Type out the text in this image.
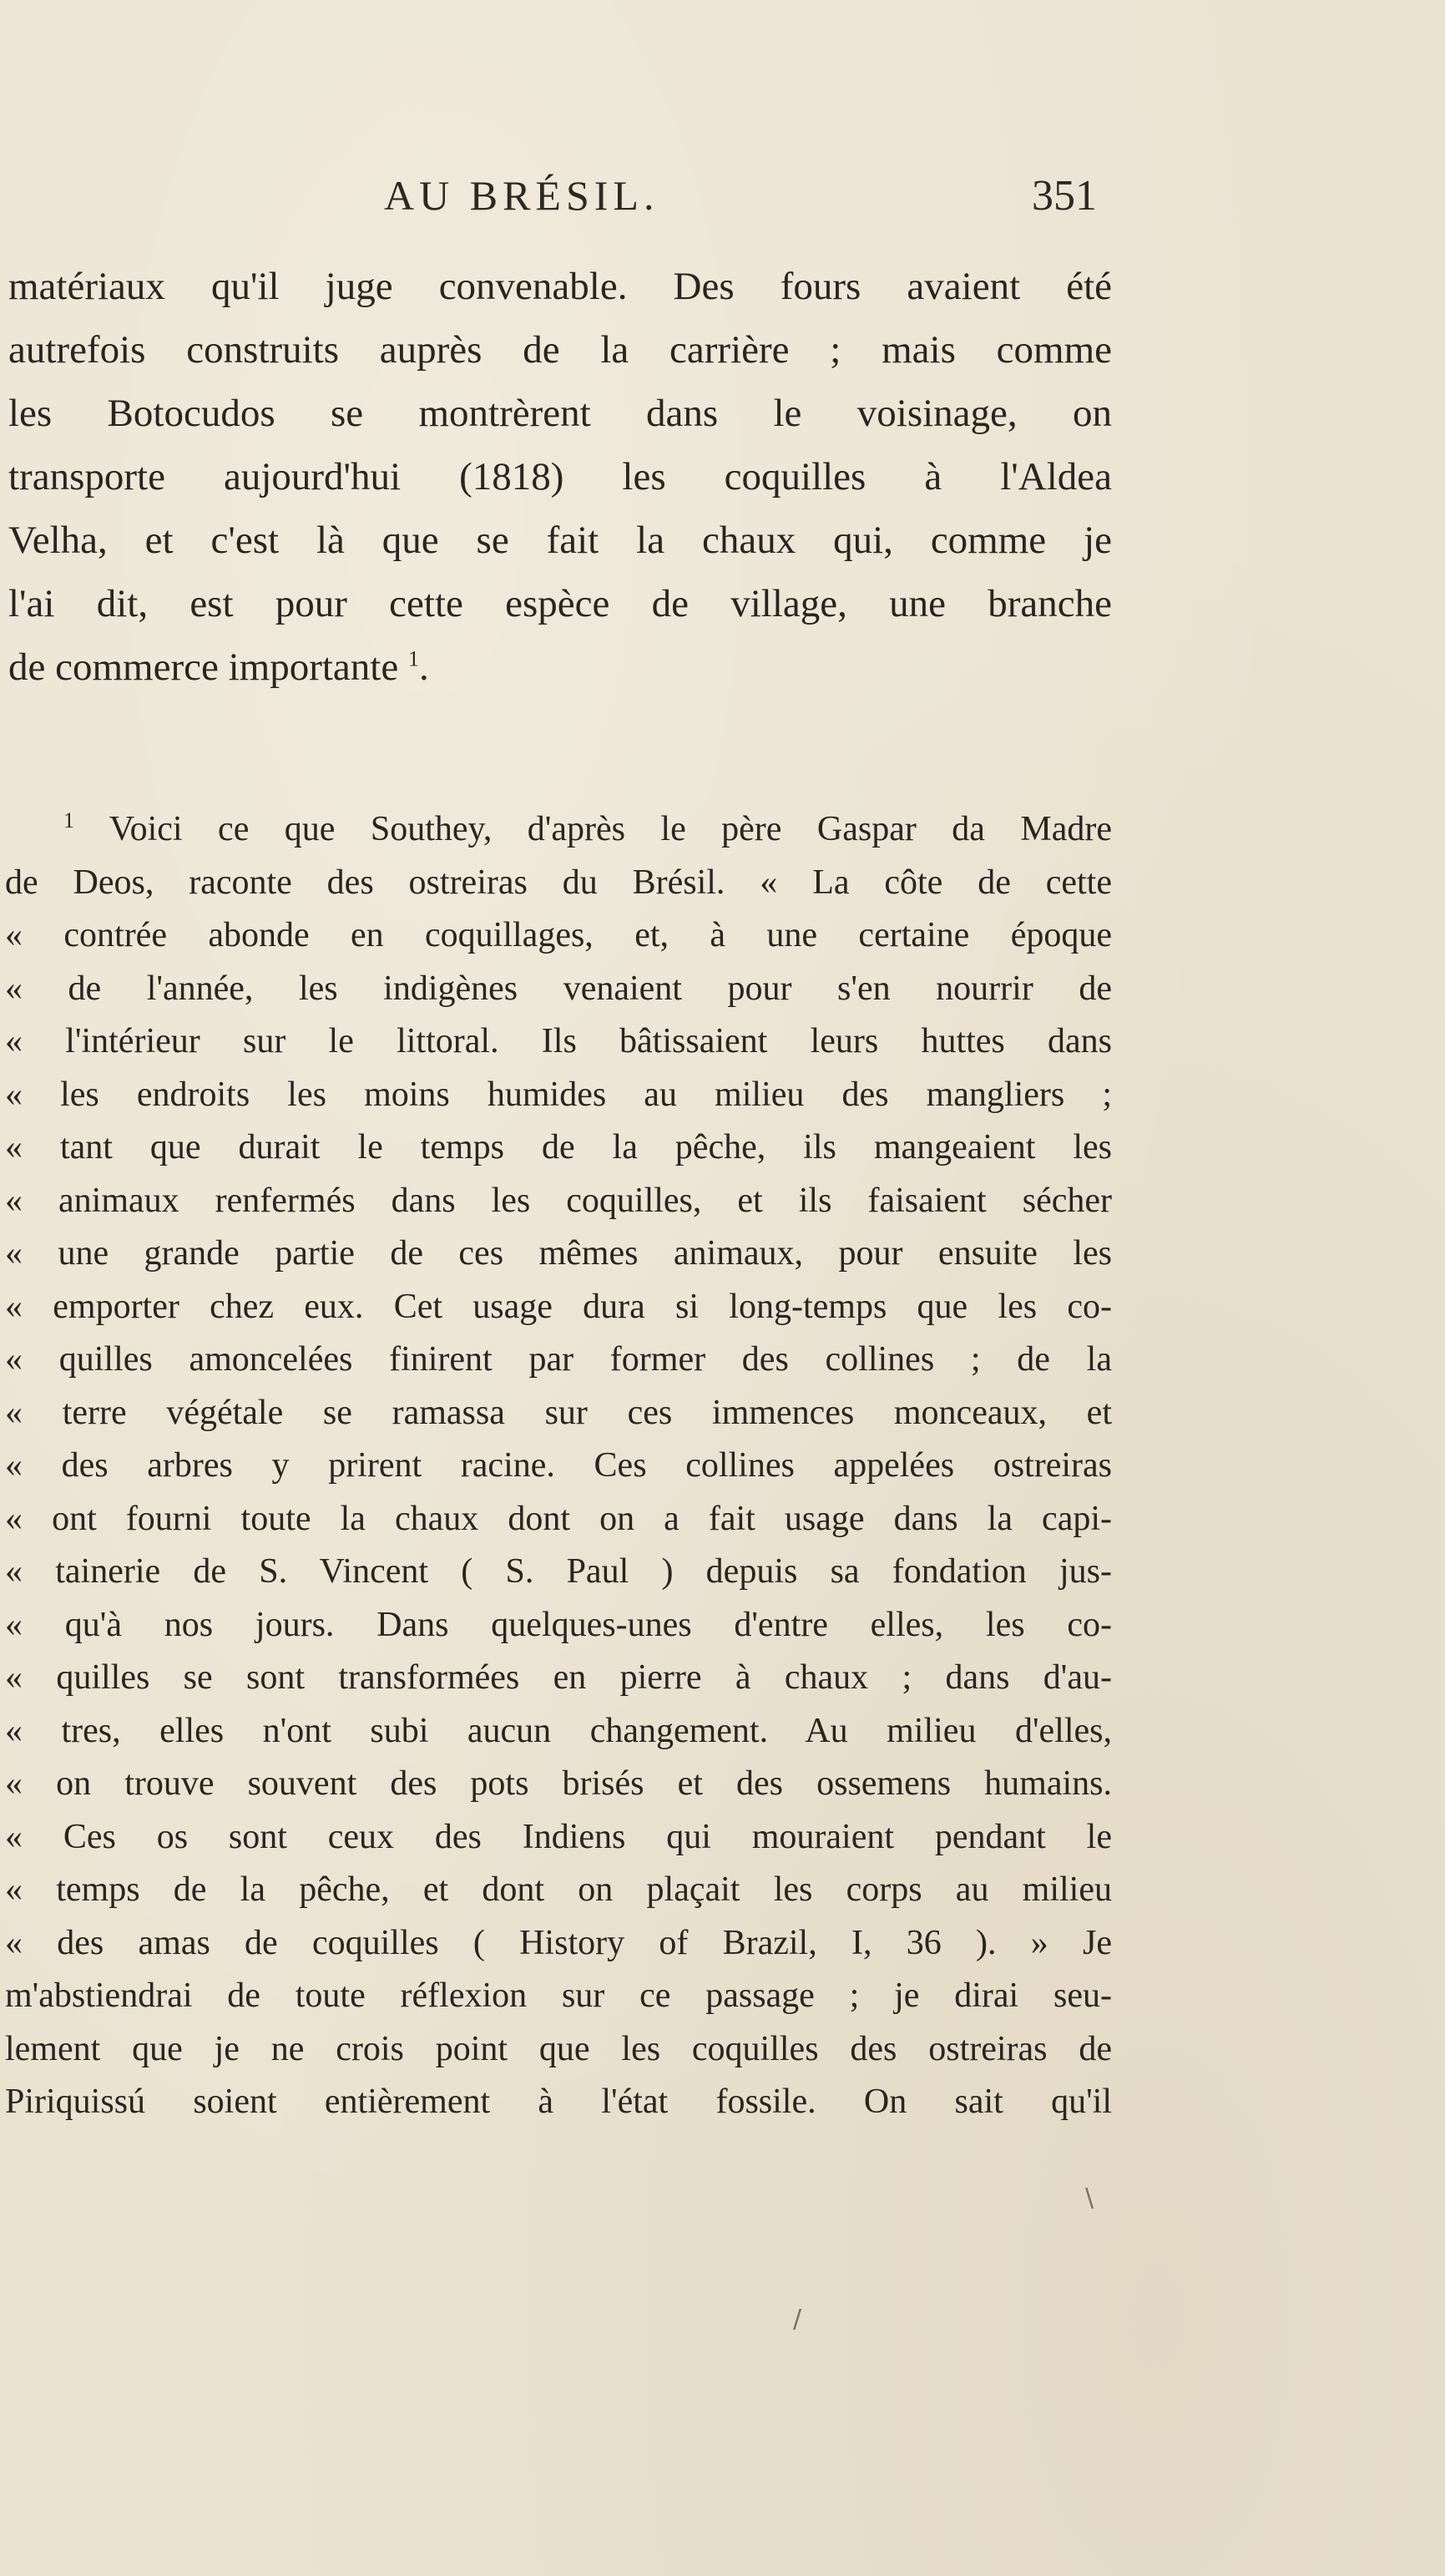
AU BRÉSIL.	351
matériaux qu'il juge convenable. Des fours avaient été
autrefois construits auprès de la carrière ; mais comme
les Botocudos se montrèrent dans le voisinage, on
transporte aujourd'hui (1818) les coquilles à l'Aldea
Velha, et c'est là que se fait la chaux qui, comme je
l'ai dit, est pour cette espèce de village, une branche
de commerce importante $^1$.
$^1$ Voici ce que Southey, d'après le père Gaspar da Madre
de Deos, raconte des ostreiras du Brésil. « La côte de cette
« contrée abonde en coquillages, et, à une certaine époque
« de l'année, les indigènes venaient pour s'en nourrir de
« l'intérieur sur le littoral. Ils bâtissaient leurs huttes dans
« les endroits les moins humides au milieu des mangliers ;
« tant que durait le temps de la pêche, ils mangeaient les
« animaux renfermés dans les coquilles, et ils faisaient sécher
« une grande partie de ces mêmes animaux, pour ensuite les
« emporter chez eux. Cet usage dura si long-temps que les co-
« quilles amoncelées finirent par former des collines ; de la
« terre végétale se ramassa sur ces immences monceaux, et
« des arbres y prirent racine. Ces collines appelées ostreiras
« ont fourni toute la chaux dont on a fait usage dans la capi-
« tainerie de S. Vincent ( S. Paul ) depuis sa fondation jus-
« qu'à nos jours. Dans quelques-unes d'entre elles, les co-
« quilles se sont transformées en pierre à chaux ; dans d'au-
« tres, elles n'ont subi aucun changement. Au milieu d'elles,
« on trouve souvent des pots brisés et des ossemens humains.
« Ces os sont ceux des Indiens qui mouraient pendant le
« temps de la pêche, et dont on plaçait les corps au milieu
« des amas de coquilles ( History of Brazil, I, 36 ). » Je
m'abstiendrai de toute réflexion sur ce passage ; je dirai seu-
lement que je ne crois point que les coquilles des ostreiras de
Piriquissú soient entièrement à l'état fossile. On sait qu'il
\
/
